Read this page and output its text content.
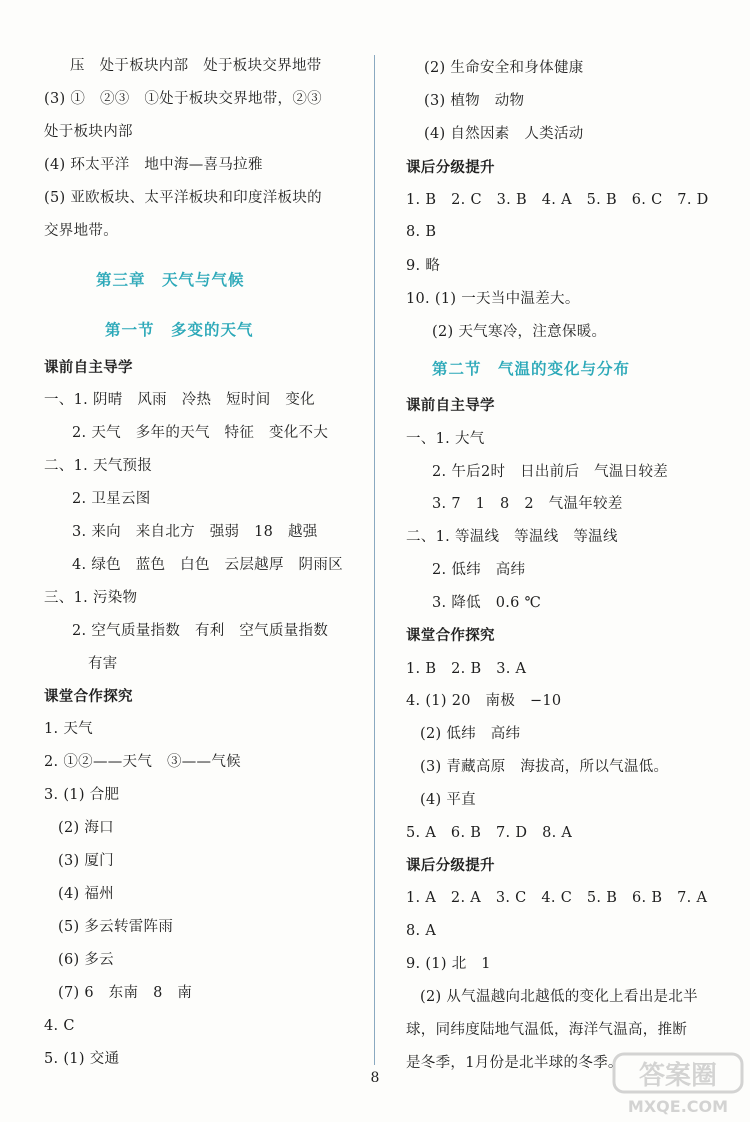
压　处于板块内部　处于板块交界地带
(3) ①　②③　①处于板块交界地带，②③
处于板块内部
(4) 环太平洋　地中海—喜马拉雅
(5) 亚欧板块、太平洋板块和印度洋板块的
交界地带。
第三章　天气与气候
第一节　多变的天气
课前自主导学
一、1. 阴晴　风雨　冷热　短时间　变化
2. 天气　多年的天气　特征　变化不大
二、1. 天气预报
2. 卫星云图
3. 来向　来自北方　强弱　18　越强
4. 绿色　蓝色　白色　云层越厚　阴雨区
三、1. 污染物
2. 空气质量指数　有利　空气质量指数
有害
课堂合作探究
1. 天气
2. ①②——天气　③——气候
3. (1) 合肥
(2) 海口
(3) 厦门
(4) 福州
(5) 多云转雷阵雨
(6) 多云
(7) 6　东南　8　南
4. C
5. (1) 交通
(2) 生命安全和身体健康
(3) 植物　动物
(4) 自然因素　人类活动
课后分级提升
1. B　2. C　3. B　4. A　5. B　6. C　7. D
8. B
9. 略
10. (1) 一天当中温差大。
(2) 天气寒冷，注意保暖。
第二节　气温的变化与分布
课前自主导学
一、1. 大气
2. 午后2时　日出前后　气温日较差
3. 7　1　8　2　气温年较差
二、1. 等温线　等温线　等温线
2. 低纬　高纬
3. 降低　0.6 ℃
课堂合作探究
1. B　2. B　3. A
4. (1) 20　南极　−10
(2) 低纬　高纬
(3) 青藏高原　海拔高，所以气温低。
(4) 平直
5. A　6. B　7. D　8. A
课后分级提升
1. A　2. A　3. C　4. C　5. B　6. B　7. A
8. A
9. (1) 北　1
(2) 从气温越向北越低的变化上看出是北半
球，同纬度陆地气温低，海洋气温高，推断
是冬季，1月份是北半球的冬季。
8	答案圈
MXQE.COM
